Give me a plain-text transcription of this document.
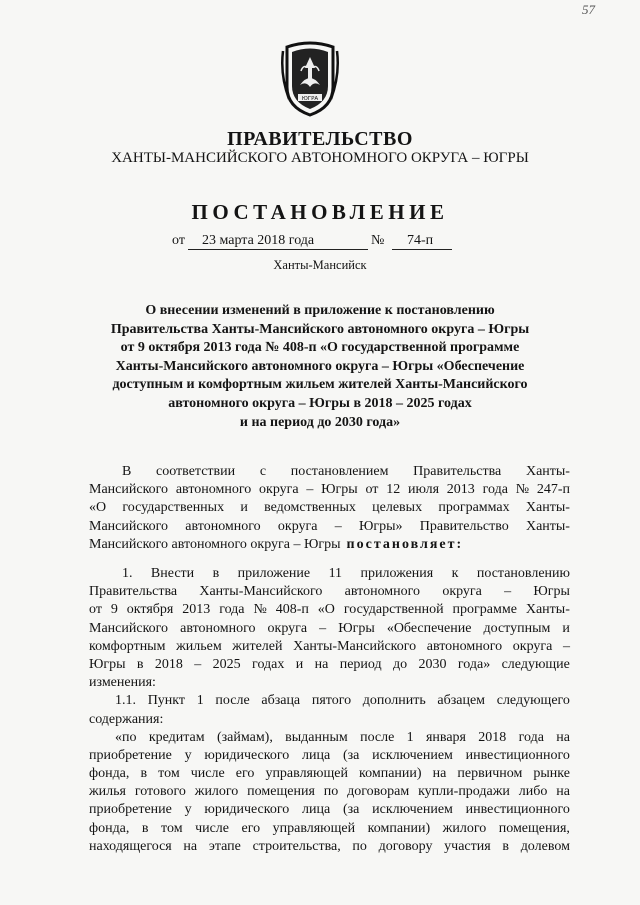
57
ЮГРА
ПРАВИТЕЛЬСТВО
ХАНТЫ-МАНСИЙСКОГО АВТОНОМНОГО ОКРУГА – ЮГРЫ
ПОСТАНОВЛЕНИЕ
от 23 марта 2018 года	№ 74-п
Ханты-Мансийск
О внесении изменений в приложение к постановлению
Правительства Ханты-Мансийского автономного округа – Югры
от 9 октября 2013 года № 408-п «О государственной программе
Ханты-Мансийского автономного округа – Югры «Обеспечение
доступным и комфортным жильем жителей Ханты-Мансийского
автономного округа – Югры в 2018 – 2025 годах
и на период до 2030 года»
В соответствии с постановлением Правительства Ханты-
Мансийского автономного округа – Югры от 12 июля 2013 года № 247-п
«О государственных и ведомственных целевых программах Ханты-
Мансийского автономного округа – Югры» Правительство Ханты-
Мансийского автономного округа – Югры постановляет:
1. Внести в приложение 11 приложения к постановлению
Правительства Ханты-Мансийского автономного округа – Югры
от 9 октября 2013 года № 408-п «О государственной программе Ханты-
Мансийского автономного округа – Югры «Обеспечение доступным и
комфортным жильем жителей Ханты-Мансийского автономного округа –
Югры в 2018 – 2025 годах и на период до 2030 года» следующие
изменения:
1.1. Пункт 1 после абзаца пятого дополнить абзацем следующего
содержания:
«по кредитам (займам), выданным после 1 января 2018 года на
приобретение у юридического лица (за исключением инвестиционного
фонда, в том числе его управляющей компании) на первичном рынке
жилья готового жилого помещения по договорам купли-продажи либо на
приобретение у юридического лица (за исключением инвестиционного
фонда, в том числе его управляющей компании) жилого помещения,
находящегося на этапе строительства, по договору участия в долевом
